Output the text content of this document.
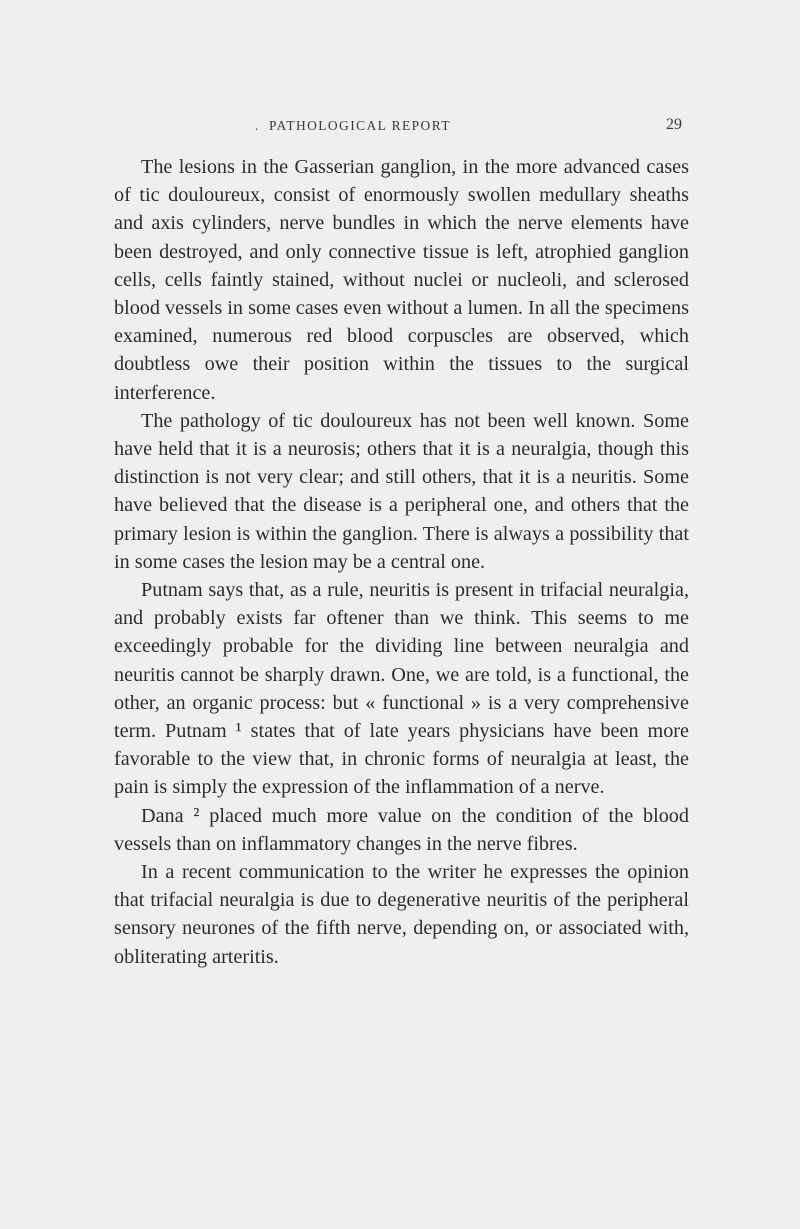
. PATHOLOGICAL REPORT	29

The lesions in the Gasserian ganglion, in the more advanced cases of tic douloureux, consist of enormously swollen medullary sheaths and axis cylinders, nerve bundles in which the nerve elements have been destroyed, and only connective tissue is left, atrophied ganglion cells, cells faintly stained, without nuclei or nucleoli, and sclerosed blood vessels in some cases even without a lumen. In all the specimens examined, numerous red blood corpuscles are observed, which doubtless owe their position within the tissues to the surgical interference.

The pathology of tic douloureux has not been well known. Some have held that it is a neurosis; others that it is a neuralgia, though this distinction is not very clear; and still others, that it is a neuritis. Some have believed that the disease is a peripheral one, and others that the primary lesion is within the ganglion. There is always a possibility that in some cases the lesion may be a central one.

Putnam says that, as a rule, neuritis is present in trifacial neuralgia, and probably exists far oftener than we think. This seems to me exceedingly probable for the dividing line between neuralgia and neuritis cannot be sharply drawn. One, we are told, is a functional, the other, an organic process: but « functional » is a very comprehensive term. Putnam ¹ states that of late years physicians have been more favorable to the view that, in chronic forms of neuralgia at least, the pain is simply the expression of the inflammation of a nerve.

Dana ² placed much more value on the condition of the blood vessels than on inflammatory changes in the nerve fibres.

In a recent communication to the writer he expresses the opinion that trifacial neuralgia is due to degenerative neuritis of the peripheral sensory neurones of the fifth nerve, depending on, or associated with, obliterating arteritis.
